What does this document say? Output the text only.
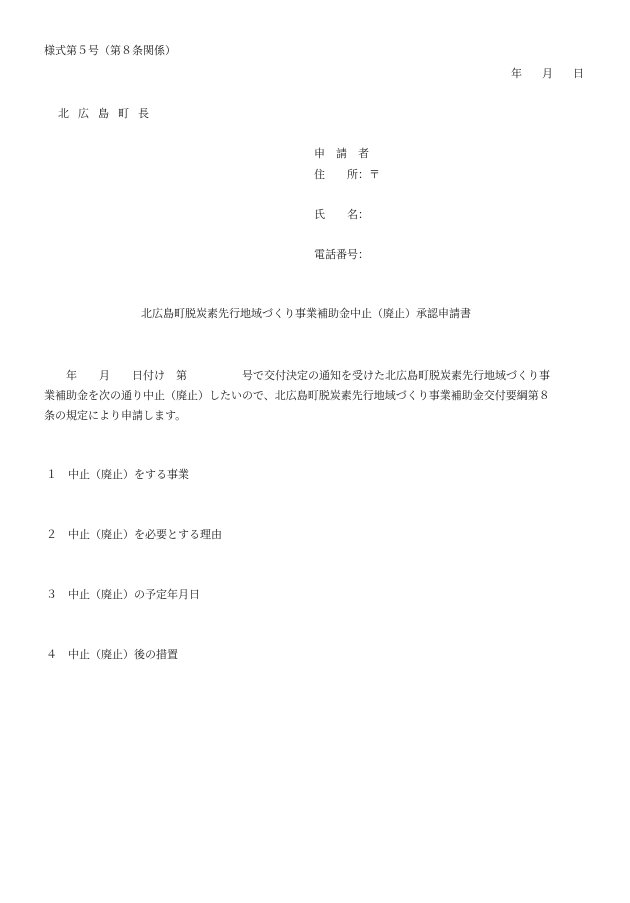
様式第５号（第８条関係）
年 月 日
北広島町長
申　請　者
住　　所：〒
氏　　名：
電話番号：
北広島町脱炭素先行地域づくり事業補助金中止（廃止）承認申請書
　　年　　月　　日付け　第　　　　　号で交付決定の通知を受けた北広島町脱炭素先行地域づくり事
業補助金を次の通り中止（廃止）したいので、北広島町脱炭素先行地域づくり事業補助金交付要綱第８
条の規定により申請します。
１ 中止（廃止）をする事業
２ 中止（廃止）を必要とする理由
３ 中止（廃止）の予定年月日
４ 中止（廃止）後の措置
